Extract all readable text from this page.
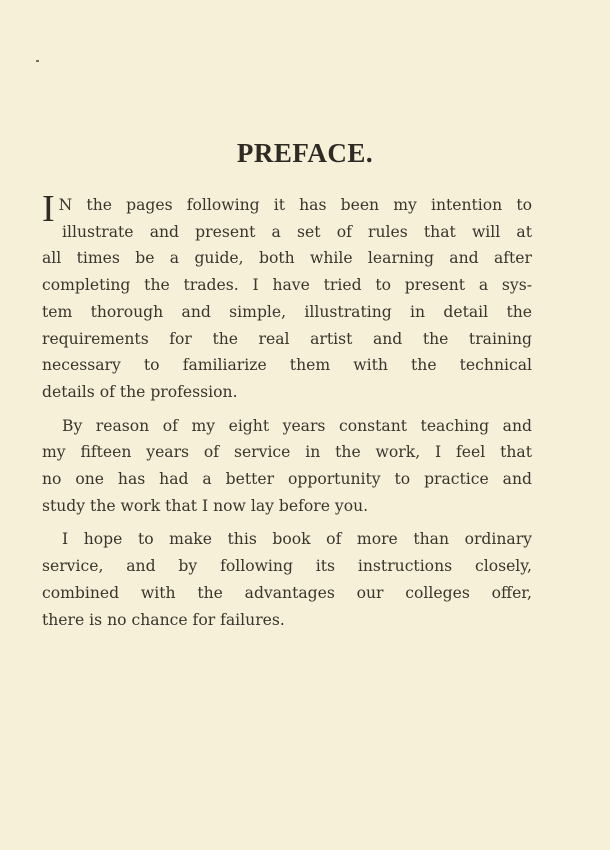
PREFACE.
I N the pages following it has been my intention to
illustrate and present a set of rules that will at
all times be a guide, both while learning and after
completing the trades. I have tried to present a sys-
tem thorough and simple, illustrating in detail the
requirements for the real artist and the training
necessary to familiarize them with the technical
details of the profession.
By reason of my eight years constant teaching and
my fifteen years of service in the work, I feel that
no one has had a better opportunity to practice and
study the work that I now lay before you.
I hope to make this book of more than ordinary
service, and by following its instructions closely,
combined with the advantages our colleges offer,
there is no chance for failures.
